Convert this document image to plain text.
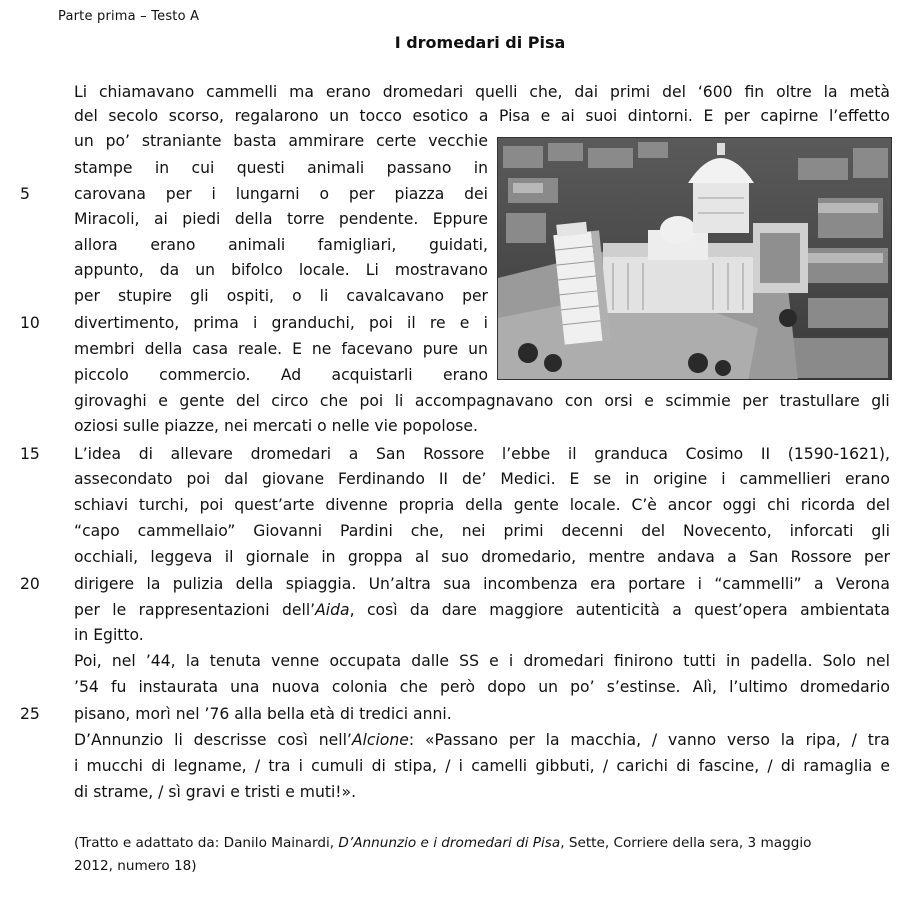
Parte prima – Testo A
I dromedari di Pisa
Li chiamavano cammelli ma erano dromedari quelli che, dai primi del ‘600 fin oltre la metà
del secolo scorso, regalarono un tocco esotico a Pisa e ai suoi dintorni. E per capirne l’effetto
un po’ straniante basta ammirare certe vecchie
stampe in cui questi animali passano in
carovana per i lungarni o per piazza dei
Miracoli, ai piedi della torre pendente. Eppure
allora erano animali famigliari, guidati,
appunto, da un bifolco locale. Li mostravano
per stupire gli ospiti, o li cavalcavano per
divertimento, prima i granduchi, poi il re e i
membri della casa reale. E ne facevano pure un
piccolo commercio. Ad acquistarli erano
girovaghi e gente del circo che poi li accompagnavano con orsi e scimmie per trastullare gli
oziosi sulle piazze, nei mercati o nelle vie popolose.
L’idea di allevare dromedari a San Rossore l’ebbe il granduca Cosimo II (1590-1621),
assecondato poi dal giovane Ferdinando II de’ Medici. E se in origine i cammellieri erano
schiavi turchi, poi quest’arte divenne propria della gente locale. C’è ancor oggi chi ricorda del
“capo cammellaio” Giovanni Pardini che, nei primi decenni del Novecento, inforcati gli
occhiali, leggeva il giornale in groppa al suo dromedario, mentre andava a San Rossore per
dirigere la pulizia della spiaggia. Un’altra sua incombenza era portare i “cammelli” a Verona
per le rappresentazioni dell’Aida, così da dare maggiore autenticità a quest’opera ambientata
in Egitto.
Poi, nel ’44, la tenuta venne occupata dalle SS e i dromedari finirono tutti in padella. Solo nel
’54 fu instaurata una nuova colonia che però dopo un po’ s’estinse. Alì, l’ultimo dromedario
pisano, morì nel ’76 alla bella età di tredici anni.
D’Annunzio li descrisse così nell’Alcione: «Passano per la macchia, / vanno verso la ripa, / tra
i mucchi di legname, / tra i cumuli di stipa, / i camelli gibbuti, / carichi di fascine, / di ramaglia e
di strame, / sì gravi e tristi e muti!».
5
10
15
20
25
(Tratto e adattato da: Danilo Mainardi, D’Annunzio e i dromedari di Pisa, Sette, Corriere della sera, 3 maggio
2012, numero 18)
